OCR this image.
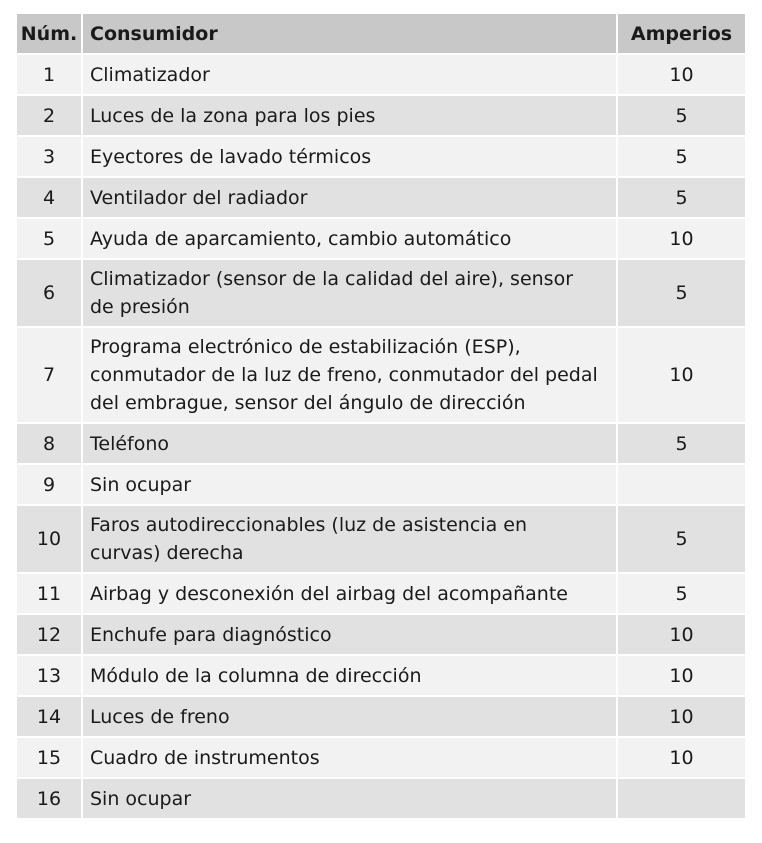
Núm.	Consumidor	Amperios
1	Climatizador	10
2	Luces de la zona para los pies	5
3	Eyectores de lavado térmicos	5
4	Ventilador del radiador	5
5	Ayuda de aparcamiento, cambio automático	10
6	Climatizador (sensor de la calidad del aire), sensor de presión	5
7	Programa electrónico de estabilización (ESP), conmutador de la luz de freno, conmutador del pedal del embrague, sensor del ángulo de dirección	10
8	Teléfono	5
9	Sin ocupar	
10	Faros autodireccionables (luz de asistencia en curvas) derecha	5
11	Airbag y desconexión del airbag del acompañante	5
12	Enchufe para diagnóstico	10
13	Módulo de la columna de dirección	10
14	Luces de freno	10
15	Cuadro de instrumentos	10
16	Sin ocupar	
